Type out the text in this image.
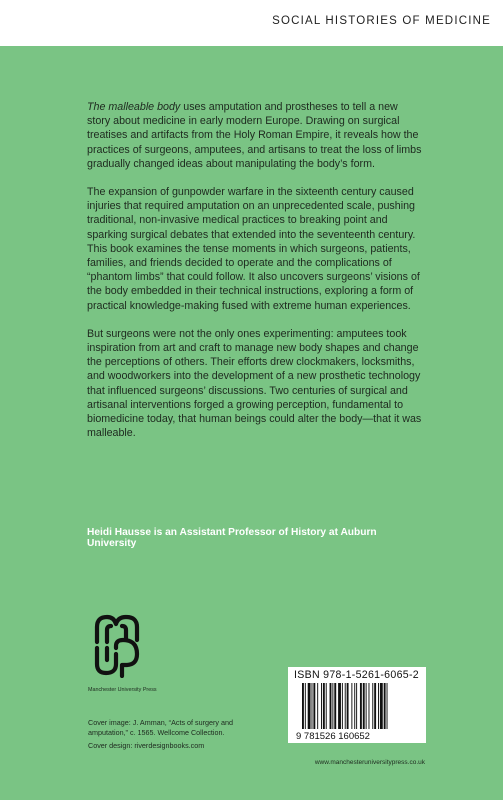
SOCIAL HISTORIES OF MEDICINE

The malleable body uses amputation and prostheses to tell a new story about medicine in early modern Europe. Drawing on surgical treatises and artifacts from the Holy Roman Empire, it reveals how the practices of surgeons, amputees, and artisans to treat the loss of limbs gradually changed ideas about manipulating the body’s form.

The expansion of gunpowder warfare in the sixteenth century caused injuries that required amputation on an unprecedented scale, pushing traditional, non-invasive medical practices to breaking point and sparking surgical debates that extended into the seventeenth century. This book examines the tense moments in which surgeons, patients, families, and friends decided to operate and the complications of “phantom limbs” that could follow. It also uncovers surgeons’ visions of the body embedded in their technical instructions, exploring a form of practical knowledge-making fused with extreme human experiences.

But surgeons were not the only ones experimenting: amputees took inspiration from art and craft to manage new body shapes and change the perceptions of others. Their efforts drew clockmakers, locksmiths, and woodworkers into the development of a new prosthetic technology that influenced surgeons’ discussions. Two centuries of surgical and artisanal interventions forged a growing perception, fundamental to biomedicine today, that human beings could alter the body—that it was malleable.

Heidi Hausse is an Assistant Professor of History at Auburn University
Manchester University Press

Cover image: J. Amman, “Acts of surgery and amputation,” c. 1565. Wellcome Collection.

Cover design: riverdesignbooks.com

ISBN 978-1-5261-6065-2
9 781526 160652
www.manchesteruniversitypress.co.uk
